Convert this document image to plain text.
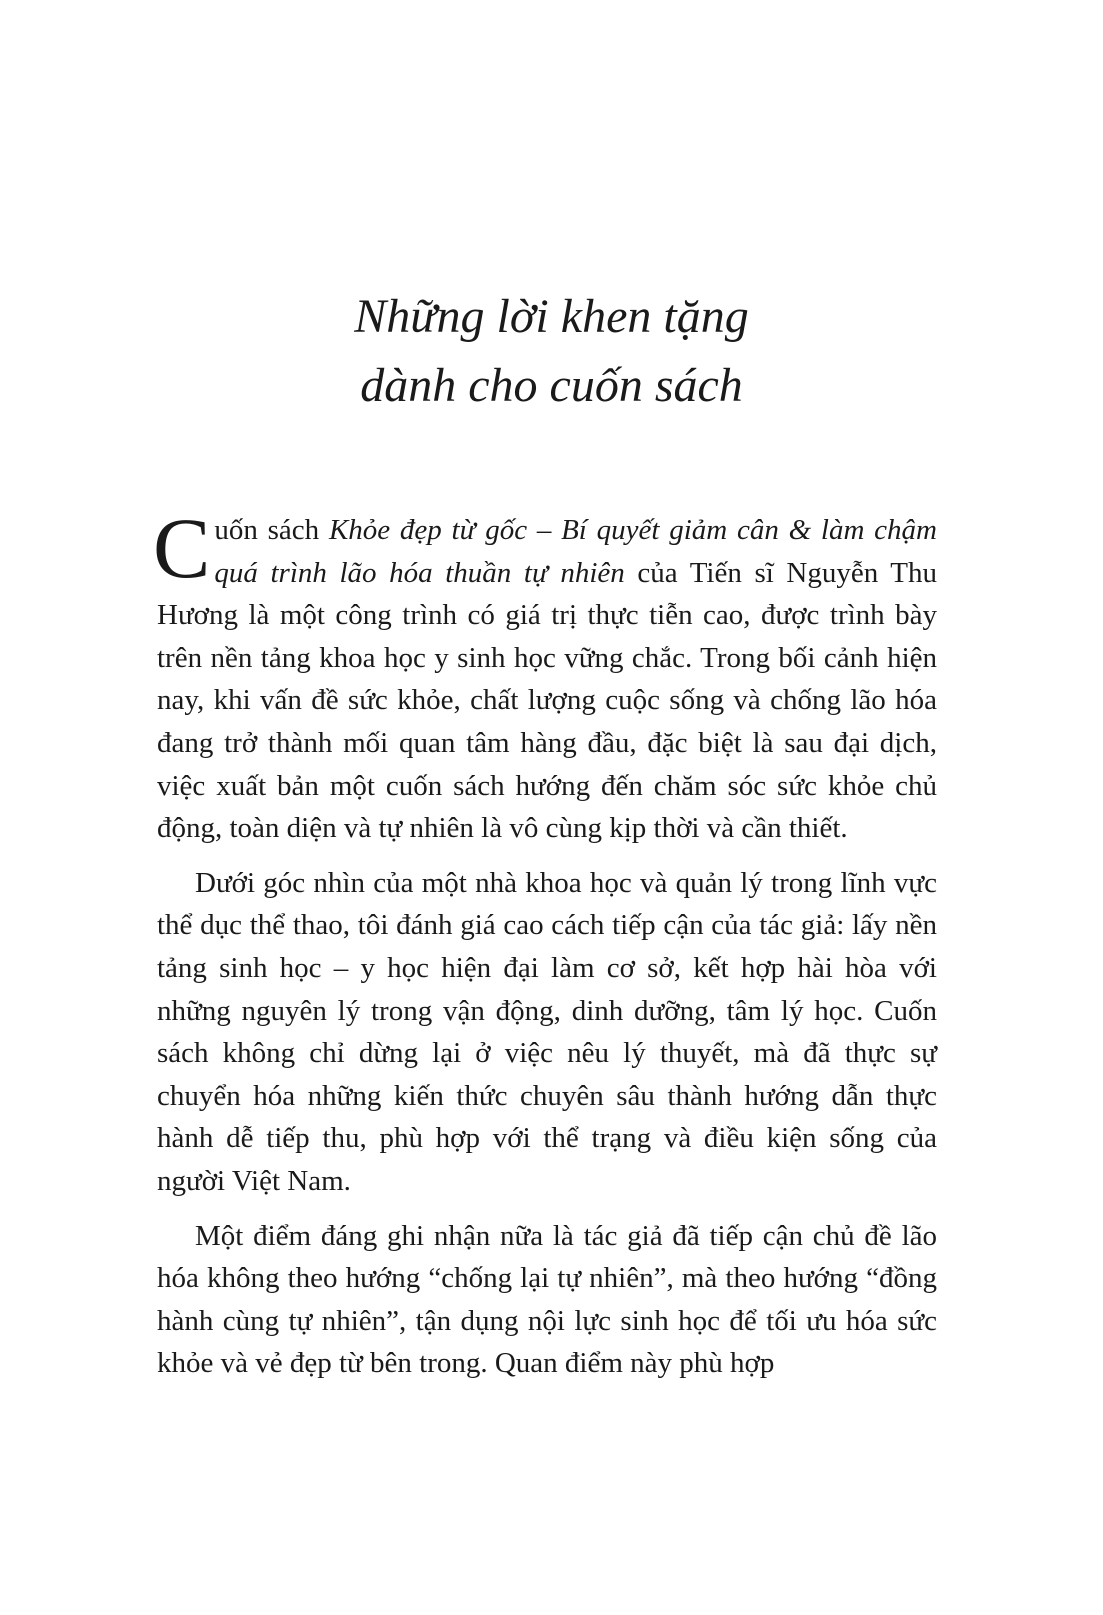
Những lời khen tặng
dành cho cuốn sách

Cuốn sách Khỏe đẹp từ gốc – Bí quyết giảm cân & làm chậm quá trình lão hóa thuần tự nhiên của Tiến sĩ Nguyễn Thu Hương là một công trình có giá trị thực tiễn cao, được trình bày trên nền tảng khoa học y sinh học vững chắc. Trong bối cảnh hiện nay, khi vấn đề sức khỏe, chất lượng cuộc sống và chống lão hóa đang trở thành mối quan tâm hàng đầu, đặc biệt là sau đại dịch, việc xuất bản một cuốn sách hướng đến chăm sóc sức khỏe chủ động, toàn diện và tự nhiên là vô cùng kịp thời và cần thiết.

Dưới góc nhìn của một nhà khoa học và quản lý trong lĩnh vực thể dục thể thao, tôi đánh giá cao cách tiếp cận của tác giả: lấy nền tảng sinh học – y học hiện đại làm cơ sở, kết hợp hài hòa với những nguyên lý trong vận động, dinh dưỡng, tâm lý học. Cuốn sách không chỉ dừng lại ở việc nêu lý thuyết, mà đã thực sự chuyển hóa những kiến thức chuyên sâu thành hướng dẫn thực hành dễ tiếp thu, phù hợp với thể trạng và điều kiện sống của người Việt Nam.

Một điểm đáng ghi nhận nữa là tác giả đã tiếp cận chủ đề lão hóa không theo hướng “chống lại tự nhiên”, mà theo hướng “đồng hành cùng tự nhiên”, tận dụng nội lực sinh học để tối ưu hóa sức khỏe và vẻ đẹp từ bên trong. Quan điểm này phù hợp
